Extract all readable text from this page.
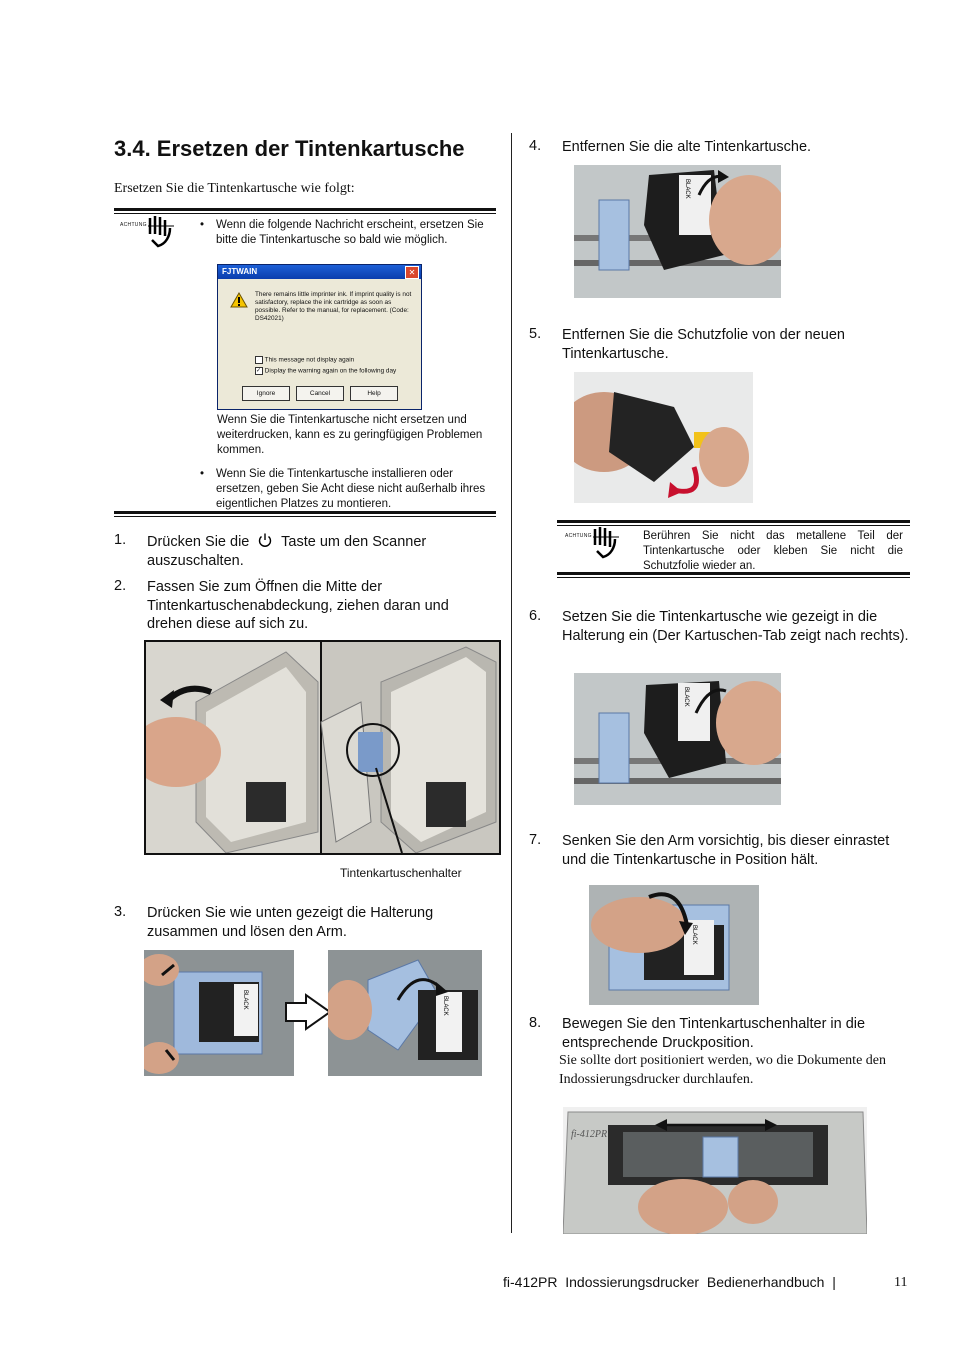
3.4. Ersetzen der Tintenkartusche
Ersetzen Sie die Tintenkartusche wie folgt:
ACHTUNG	• Wenn die folgende Nachricht erscheint, ersetzen Sie bitte die Tintenkartusche so bald wie möglich.
FJTWAIN	✕
There remains little imprinter ink. If imprint quality is not satisfactory, replace the ink cartridge as soon as possible. Refer to the manual, for replacement. (Code: DS42021)
This message not display again
✓ Display the warning again on the following day
Ignore	Cancel	Help
Wenn Sie die Tintenkartusche nicht ersetzen und weiterdrucken, kann es zu geringfügigen Problemen kommen.
• Wenn Sie die Tintenkartusche installieren oder ersetzen, geben Sie Acht diese nicht außerhalb ihres eigentlichen Platzes zu montieren.
1. Drücken Sie die Taste um den Scanner
auszuschalten.
2. Fassen Sie zum Öffnen die Mitte der Tintenkartuschenabdeckung, ziehen daran und drehen diese auf sich zu.
Tintenkartuschenhalter
3. Drücken Sie wie unten gezeigt die Halterung zusammen und lösen den Arm.
BLACK	BLACK
4. Entfernen Sie die alte Tintenkartusche.
BLACK
5. Entfernen Sie die Schutzfolie von der neuen Tintenkartusche.
ACHTUNG	Berühren Sie nicht das metallene Teil der Tintenkartusche oder kleben Sie nicht die Schutzfolie wieder an.
6. Setzen Sie die Tintenkartusche wie gezeigt in die Halterung ein (Der Kartuschen-Tab zeigt nach rechts).
BLACK
7. Senken Sie den Arm vorsichtig, bis dieser einrastet und die Tintenkartusche in Position hält.
BLACK
8. Bewegen Sie den Tintenkartuschenhalter in die entsprechende Druckposition.
Sie sollte dort positioniert werden, wo die Dokumente den Indossierungsdrucker durchlaufen.
fi-412PR
fi-412PR  Indossierungsdrucker  Bedienerhandbuch  |	11
